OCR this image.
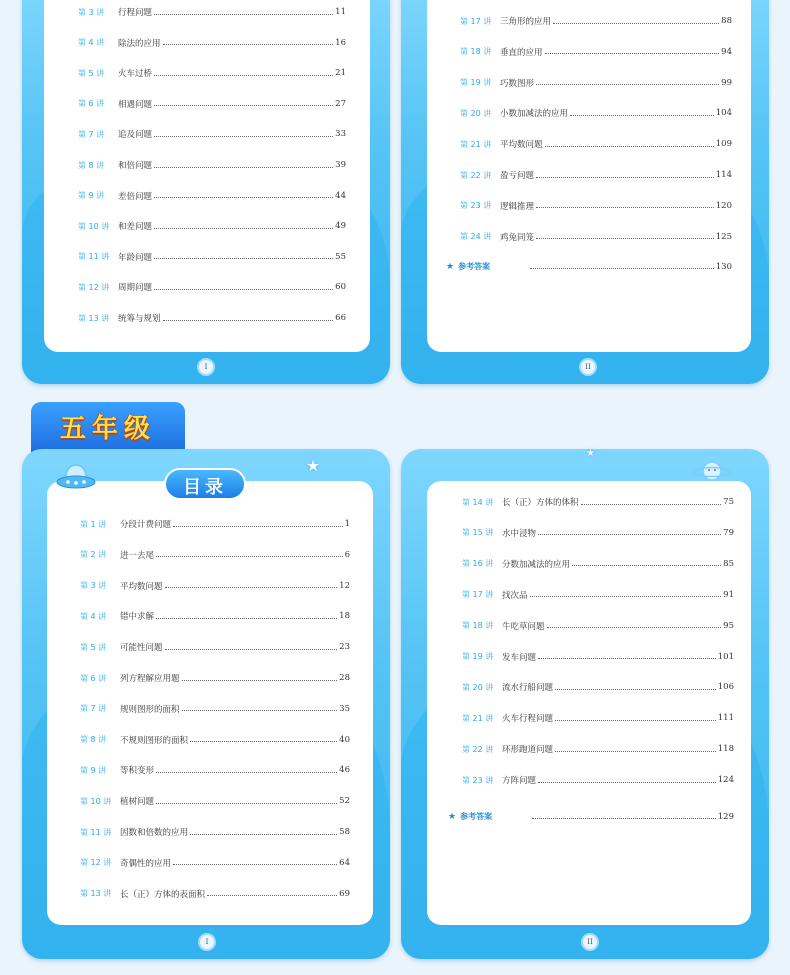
I	II
五年级
I	II
目录
★
★
第 3 讲	行程问题	11
第 4 讲	除法的应用	16
第 5 讲	火车过桥	21
第 6 讲	相遇问题	27
第 7 讲	追及问题	33
第 8 讲	和倍问题	39
第 9 讲	差倍问题	44
第 10 讲	和差问题	49
第 11 讲	年龄问题	55
第 12 讲	周期问题	60
第 13 讲	统筹与规划	66
第 17 讲	三角形的应用	88
第 18 讲	垂直的应用	94
第 19 讲	巧数图形	99
第 20 讲	小数加减法的应用	104
第 21 讲	平均数问题	109
第 22 讲	盈亏问题	114
第 23 讲	逻辑推理	120
第 24 讲	鸡兔同笼	125
★ 参考答案	130
第 1 讲	分段计费问题	1
第 2 讲	进一去尾	6
第 3 讲	平均数问题	12
第 4 讲	错中求解	18
第 5 讲	可能性问题	23
第 6 讲	列方程解应用题	28
第 7 讲	规则图形的面积	35
第 8 讲	不规则图形的面积	40
第 9 讲	等积变形	46
第 10 讲	植树问题	52
第 11 讲	因数和倍数的应用	58
第 12 讲	奇偶性的应用	64
第 13 讲	长（正）方体的表面积	69
第 14 讲	长（正）方体的体积	75
第 15 讲	水中浸物	79
第 16 讲	分数加减法的应用	85
第 17 讲	找次品	91
第 18 讲	牛吃草问题	95
第 19 讲	发车问题	101
第 20 讲	流水行船问题	106
第 21 讲	火车行程问题	111
第 22 讲	环形跑道问题	118
第 23 讲	方阵问题	124
★ 参考答案	129
